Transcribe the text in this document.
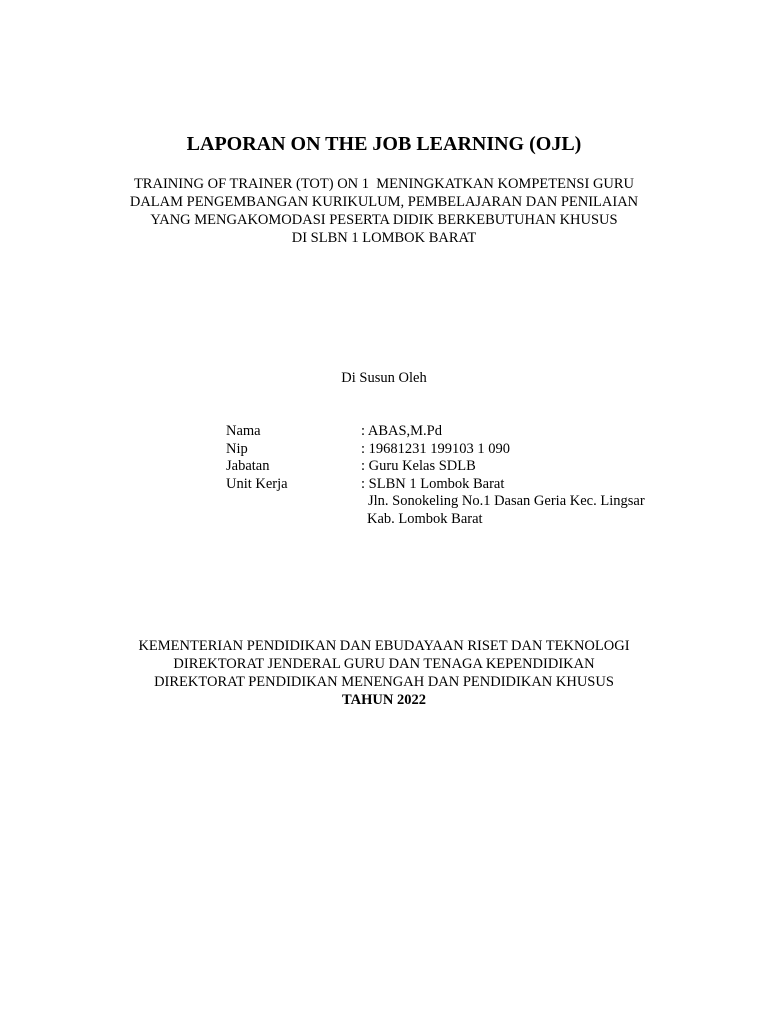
LAPORAN ON THE JOB LEARNING (OJL)
TRAINING OF TRAINER (TOT) ON 1  MENINGKATKAN KOMPETENSI GURU
DALAM PENGEMBANGAN KURIKULUM, PEMBELAJARAN DAN PENILAIAN
YANG MENGAKOMODASI PESERTA DIDIK BERKEBUTUHAN KHUSUS
DI SLBN 1 LOMBOK BARAT
Di Susun Oleh
Nama	: ABAS,M.Pd
Nip	: 19681231 199103 1 090
Jabatan	: Guru Kelas SDLB
Unit Kerja	: SLBN 1 Lombok Barat
Jln. Sonokeling No.1 Dasan Geria Kec. Lingsar
Kab. Lombok Barat
KEMENTERIAN PENDIDIKAN DAN EBUDAYAAN RISET DAN TEKNOLOGI
DIREKTORAT JENDERAL GURU DAN TENAGA KEPENDIDIKAN
DIREKTORAT PENDIDIKAN MENENGAH DAN PENDIDIKAN KHUSUS
TAHUN 2022
